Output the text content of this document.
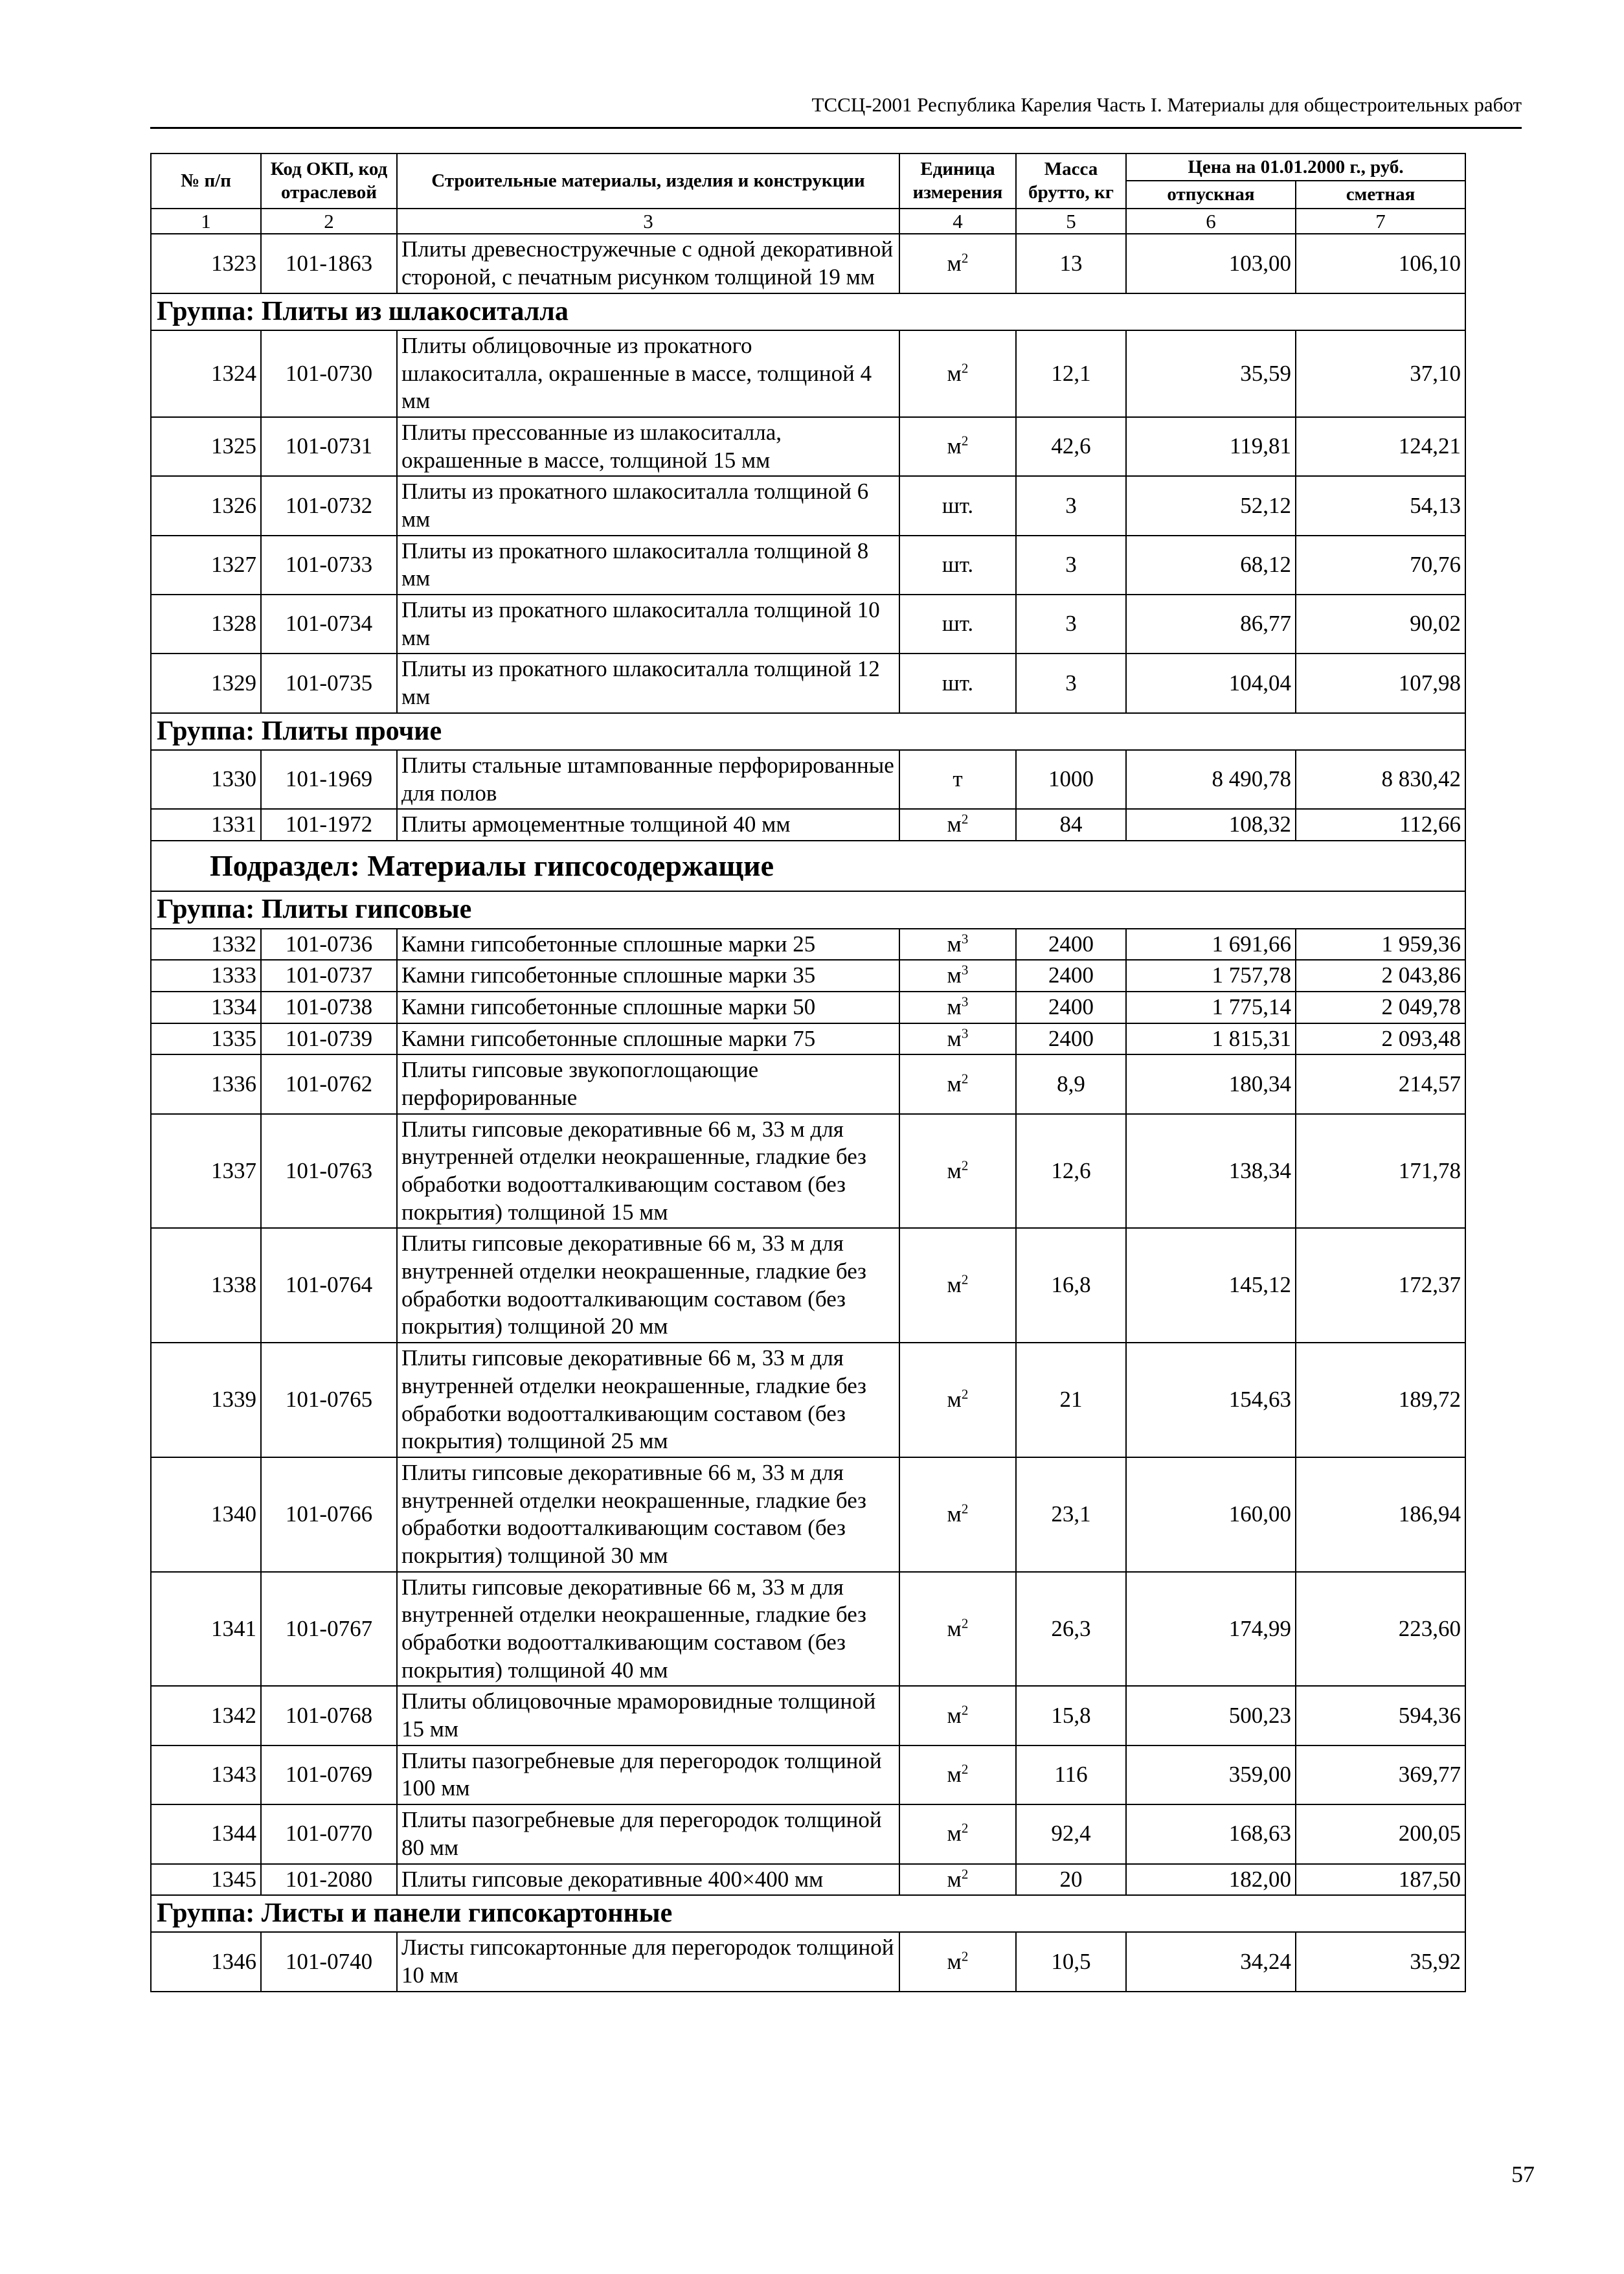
ТССЦ-2001 Республика Карелия Часть I. Материалы для общестроительных работ
№ п/п	Код ОКП, код отраслевой	Строительные материалы, изделия и конструкции	Единица измерения	Масса брутто, кг	Цена на 01.01.2000 г., руб.	
					отпускная	сметная
1	2	3	4	5	6	7
1323	101-1863	Плиты древесностружечные с одной декоративной стороной, с печатным рисунком толщиной 19 мм	$м^2$	13	103,00	106,10
Группа: Плиты из шлакоситалла						
1324	101-0730	Плиты облицовочные из прокатного шлакоситалла, окрашенные в массе, толщиной 4 мм	$м^2$	12,1	35,59	37,10
1325	101-0731	Плиты прессованные из шлакоситалла, окрашенные в массе, толщиной 15 мм	$м^2$	42,6	119,81	124,21
1326	101-0732	Плиты из прокатного шлакоситалла толщиной 6 мм	шт.	3	52,12	54,13
1327	101-0733	Плиты из прокатного шлакоситалла толщиной 8 мм	шт.	3	68,12	70,76
1328	101-0734	Плиты из прокатного шлакоситалла толщиной 10 мм	шт.	3	86,77	90,02
1329	101-0735	Плиты из прокатного шлакоситалла толщиной 12 мм	шт.	3	104,04	107,98
Группа: Плиты прочие						
1330	101-1969	Плиты стальные штампованные перфорированные для полов	т	1000	8 490,78	8 830,42
1331	101-1972	Плиты армоцементные толщиной 40 мм	$м^2$	84	108,32	112,66
Подраздел: Материалы гипсосодержащие						
Группа: Плиты гипсовые						
1332	101-0736	Камни гипсобетонные сплошные марки 25	$м^3$	2400	1 691,66	1 959,36
1333	101-0737	Камни гипсобетонные сплошные марки 35	$м^3$	2400	1 757,78	2 043,86
1334	101-0738	Камни гипсобетонные сплошные марки 50	$м^3$	2400	1 775,14	2 049,78
1335	101-0739	Камни гипсобетонные сплошные марки 75	$м^3$	2400	1 815,31	2 093,48
1336	101-0762	Плиты гипсовые звукопоглощающие перфорированные	$м^2$	8,9	180,34	214,57
1337	101-0763	Плиты гипсовые декоративные 66 м, 33 м для внутренней отделки неокрашенные, гладкие без обработки водоотталкивающим составом (без покрытия) толщиной 15 мм	$м^2$	12,6	138,34	171,78
1338	101-0764	Плиты гипсовые декоративные 66 м, 33 м для внутренней отделки неокрашенные, гладкие без обработки водоотталкивающим составом (без покрытия) толщиной 20 мм	$м^2$	16,8	145,12	172,37
1339	101-0765	Плиты гипсовые декоративные 66 м, 33 м для внутренней отделки неокрашенные, гладкие без обработки водоотталкивающим составом (без покрытия) толщиной 25 мм	$м^2$	21	154,63	189,72
1340	101-0766	Плиты гипсовые декоративные 66 м, 33 м для внутренней отделки неокрашенные, гладкие без обработки водоотталкивающим составом (без покрытия) толщиной 30 мм	$м^2$	23,1	160,00	186,94
1341	101-0767	Плиты гипсовые декоративные 66 м, 33 м для внутренней отделки неокрашенные, гладкие без обработки водоотталкивающим составом (без покрытия) толщиной 40 мм	$м^2$	26,3	174,99	223,60
1342	101-0768	Плиты облицовочные мраморовидные толщиной 15 мм	$м^2$	15,8	500,23	594,36
1343	101-0769	Плиты пазогребневые для перегородок толщиной 100 мм	$м^2$	116	359,00	369,77
1344	101-0770	Плиты пазогребневые для перегородок толщиной 80 мм	$м^2$	92,4	168,63	200,05
1345	101-2080	Плиты гипсовые декоративные 400×400 мм	$м^2$	20	182,00	187,50
Группа: Листы и панели гипсокартонные						
1346	101-0740	Листы гипсокартонные для перегородок толщиной 10 мм	$м^2$	10,5	34,24	35,92
57
